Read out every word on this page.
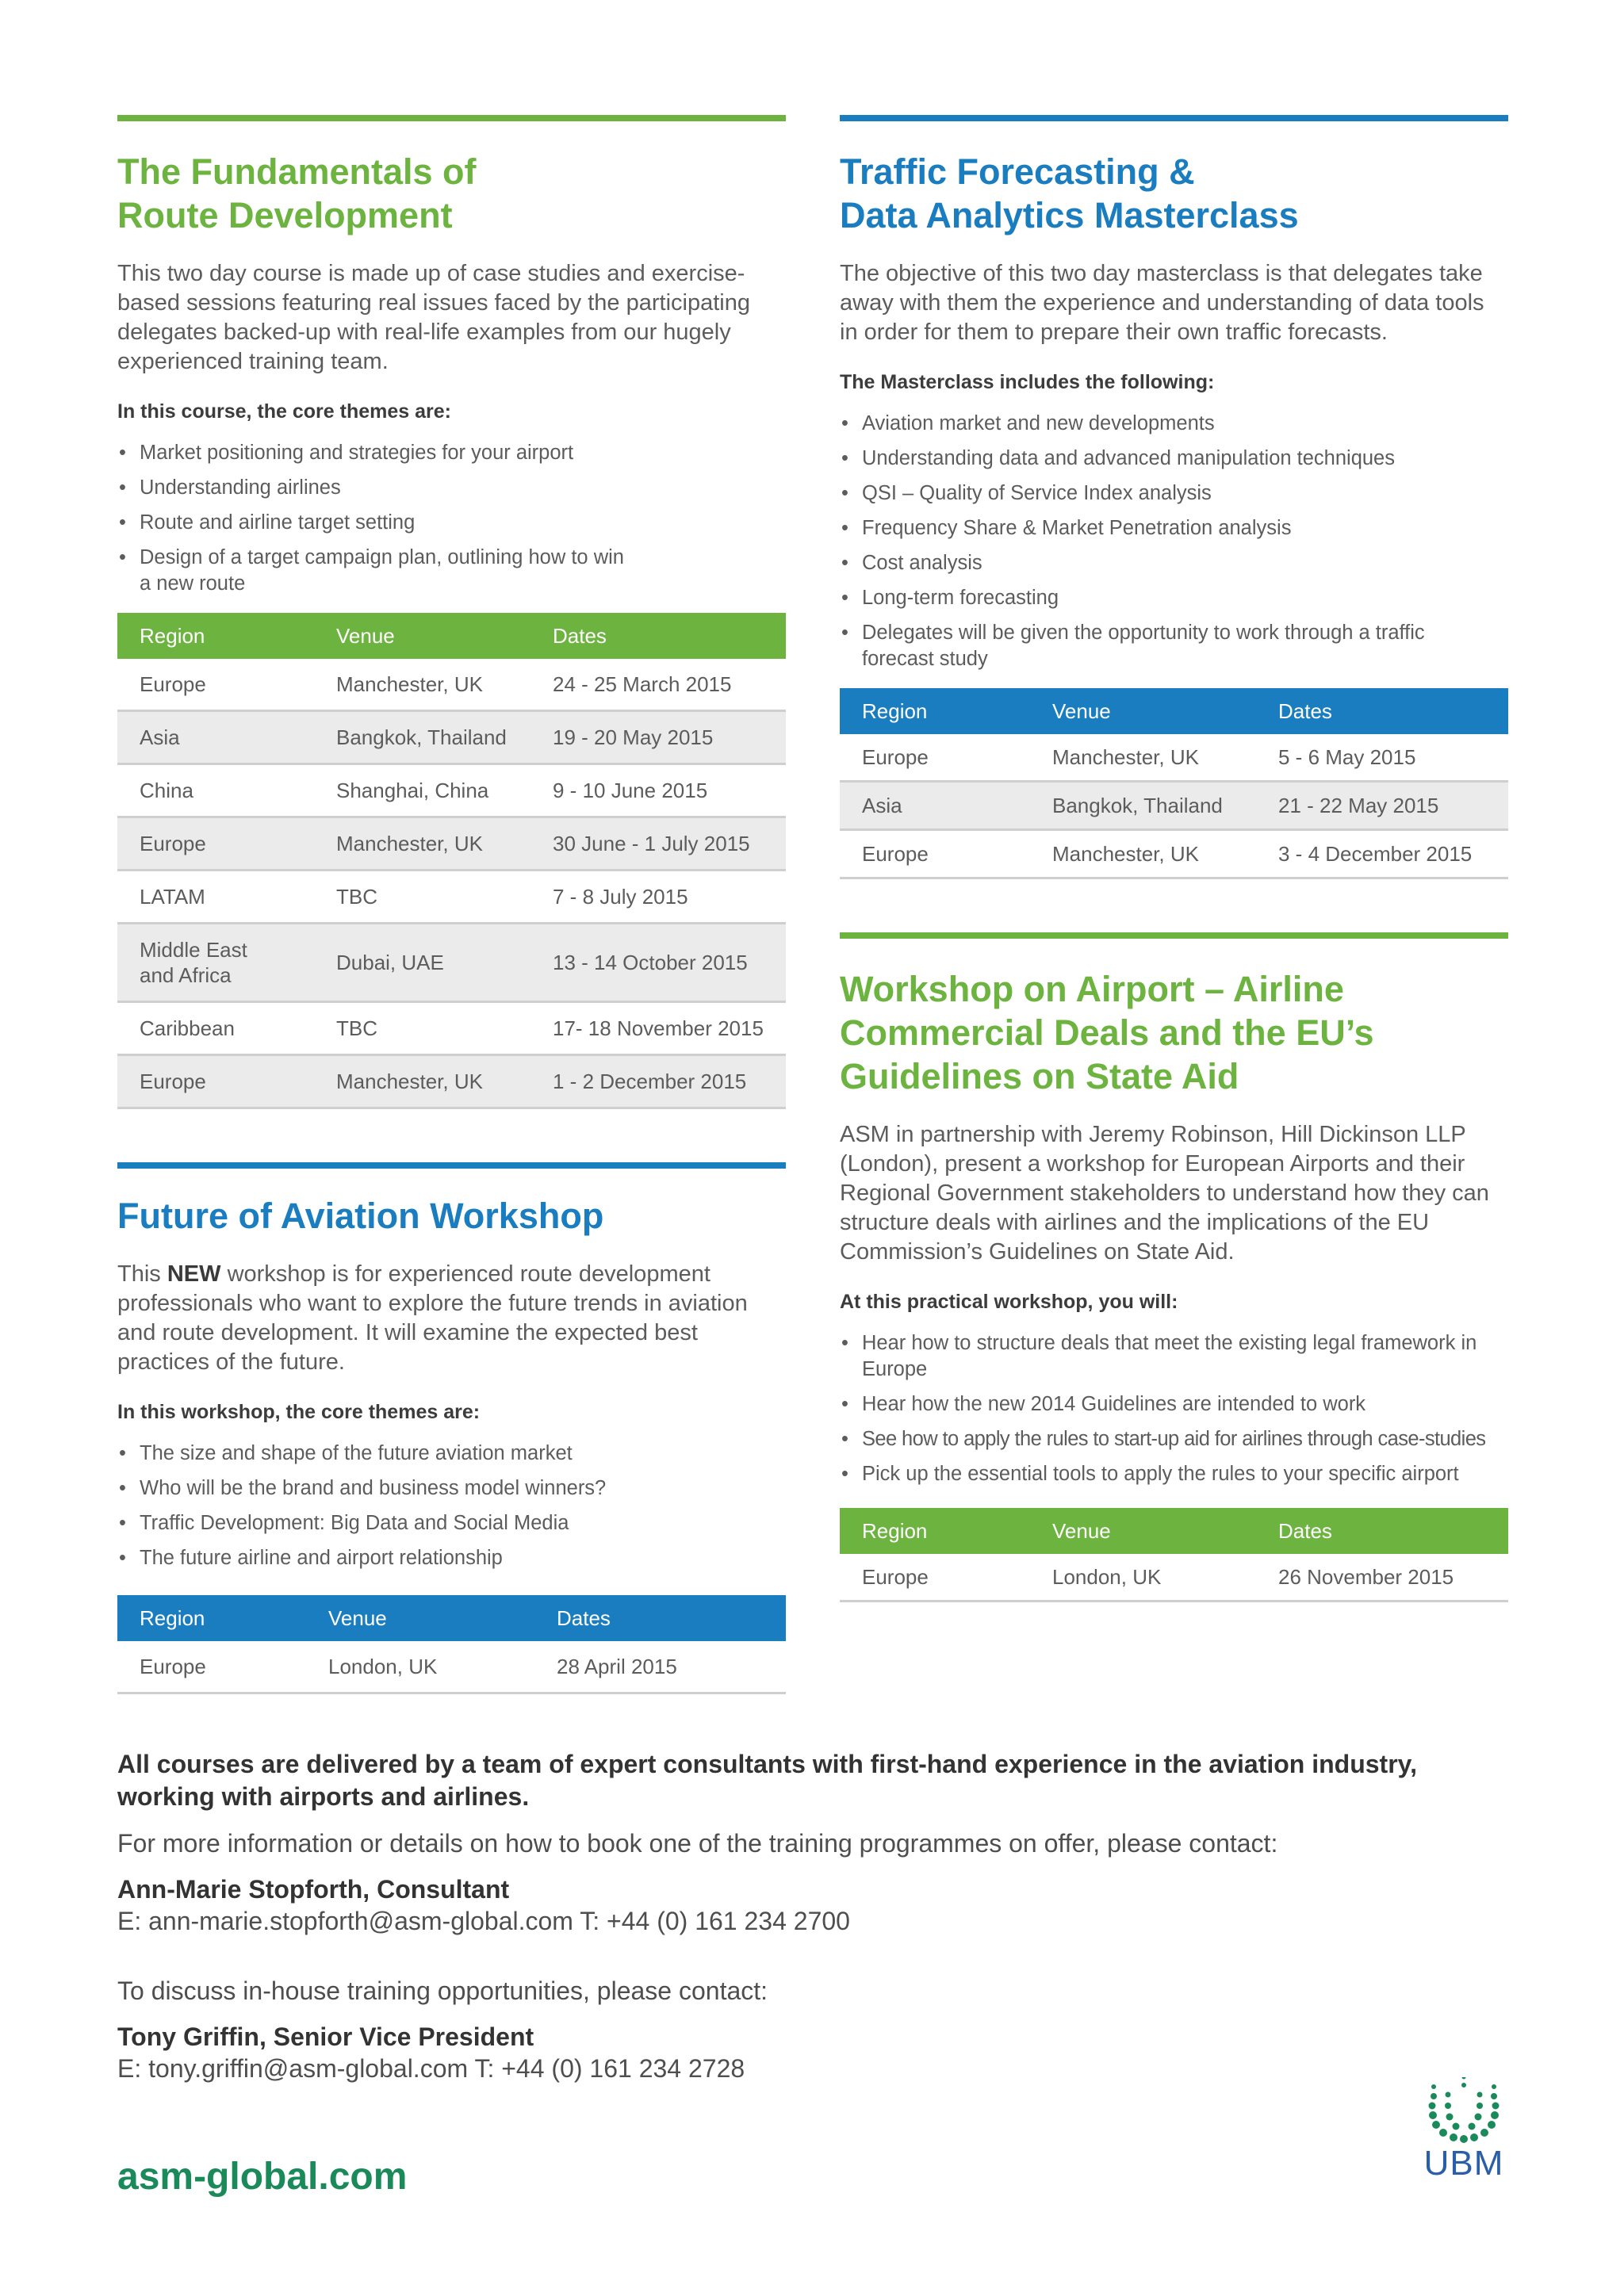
The Fundamentals of
Route Development

This two day course is made up of case studies and exercise-based sessions featuring real issues faced by the participating delegates backed-up with real-life examples from our hugely experienced training team.

In this course, the core themes are:

• Market positioning and strategies for your airport
• Understanding airlines
• Route and airline target setting
• Design of a target campaign plan, outlining how to win a new route
Region	Venue	Dates
Europe	Manchester, UK	24 - 25 March 2015
Asia	Bangkok, Thailand	19 - 20 May 2015
China	Shanghai, China	9 - 10 June 2015
Europe	Manchester, UK	30 June - 1 July 2015
LATAM	TBC	7 - 8 July 2015
Middle East and Africa	Dubai, UAE	13 - 14 October 2015
Caribbean	TBC	17- 18 November 2015
Europe	Manchester, UK	1 - 2 December 2015
Future of Aviation Workshop

This NEW workshop is for experienced route development professionals who want to explore the future trends in aviation and route development. It will examine the expected best practices of the future.

In this workshop, the core themes are:

• The size and shape of the future aviation market
• Who will be the brand and business model winners?
• Traffic Development: Big Data and Social Media
• The future airline and airport relationship
Region	Venue	Dates
Europe	London, UK	28 April 2015
Traffic Forecasting &
Data Analytics Masterclass

The objective of this two day masterclass is that delegates take away with them the experience and understanding of data tools in order for them to prepare their own traffic forecasts.

The Masterclass includes the following:

• Aviation market and new developments
• Understanding data and advanced manipulation techniques
• QSI – Quality of Service Index analysis
• Frequency Share & Market Penetration analysis
• Cost analysis
• Long-term forecasting
• Delegates will be given the opportunity to work through a traffic forecast study
Region	Venue	Dates
Europe	Manchester, UK	5 - 6 May 2015
Asia	Bangkok, Thailand	21 - 22 May 2015
Europe	Manchester, UK	3 - 4 December 2015
Workshop on Airport – Airline
Commercial Deals and the EU’s
Guidelines on State Aid

ASM in partnership with Jeremy Robinson, Hill Dickinson LLP (London), present a workshop for European Airports and their Regional Government stakeholders to understand how they can structure deals with airlines and the implications of the EU Commission’s Guidelines on State Aid.

At this practical workshop, you will:

• Hear how to structure deals that meet the existing legal framework in Europe
• Hear how the new 2014 Guidelines are intended to work
• See how to apply the rules to start-up aid for airlines through case-studies
• Pick up the essential tools to apply the rules to your specific airport
Region	Venue	Dates
Europe	London, UK	26 November 2015

All courses are delivered by a team of expert consultants with first-hand experience in the aviation industry, working with airports and airlines.

For more information or details on how to book one of the training programmes on offer, please contact:

Ann-Marie Stopforth, Consultant

E: ann-marie.stopforth@asm-global.com T: +44 (0) 161 234 2700

To discuss in-house training opportunities, please contact:

Tony Griffin, Senior Vice President

E: tony.griffin@asm-global.com T: +44 (0) 161 234 2728

asm-global.com	UBM
